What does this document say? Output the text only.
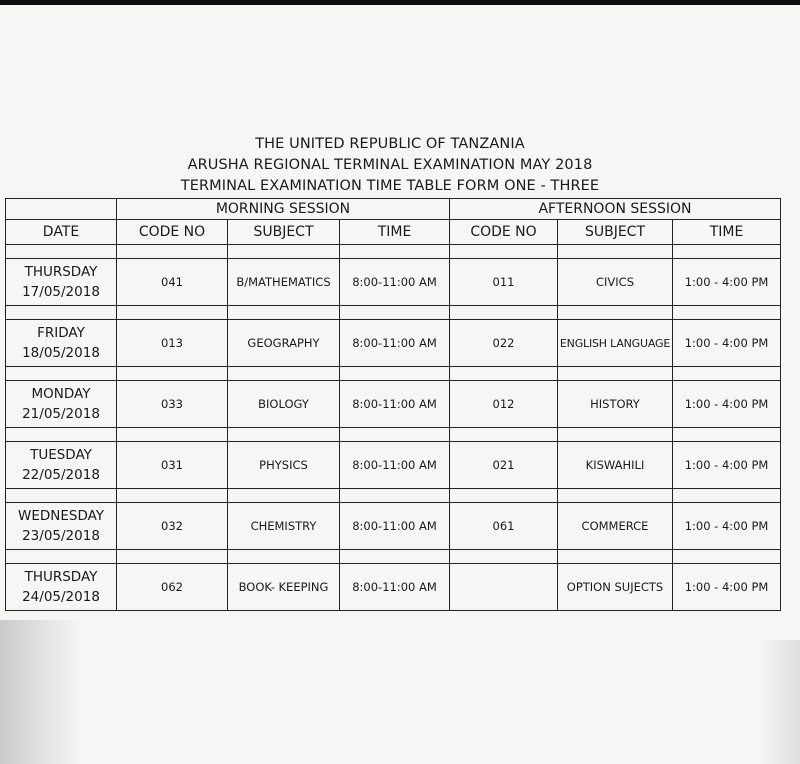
THE UNITED REPUBLIC OF TANZANIA
ARUSHA REGIONAL TERMINAL EXAMINATION MAY 2018
TERMINAL EXAMINATION TIME TABLE FORM ONE - THREE
	MORNING SESSION			AFTERNOON SESSION		
DATE	CODE NO	SUBJECT	TIME	CODE NO	SUBJECT	TIME

THURSDAY
17/05/2018	041	B/MATHEMATICS	8:00-11:00 AM	011	CIVICS	1:00 - 4:00 PM

FRIDAY
18/05/2018	013	GEOGRAPHY	8:00-11:00 AM	022	ENGLISH LANGUAGE	1:00 - 4:00 PM

MONDAY
21/05/2018	033	BIOLOGY	8:00-11:00 AM	012	HISTORY	1:00 - 4:00 PM

TUESDAY
22/05/2018	031	PHYSICS	8:00-11:00 AM	021	KISWAHILI	1:00 - 4:00 PM

WEDNESDAY
23/05/2018	032	CHEMISTRY	8:00-11:00 AM	061	COMMERCE	1:00 - 4:00 PM

THURSDAY
24/05/2018	062	BOOK- KEEPING	8:00-11:00 AM		OPTION SUJECTS	1:00 - 4:00 PM
